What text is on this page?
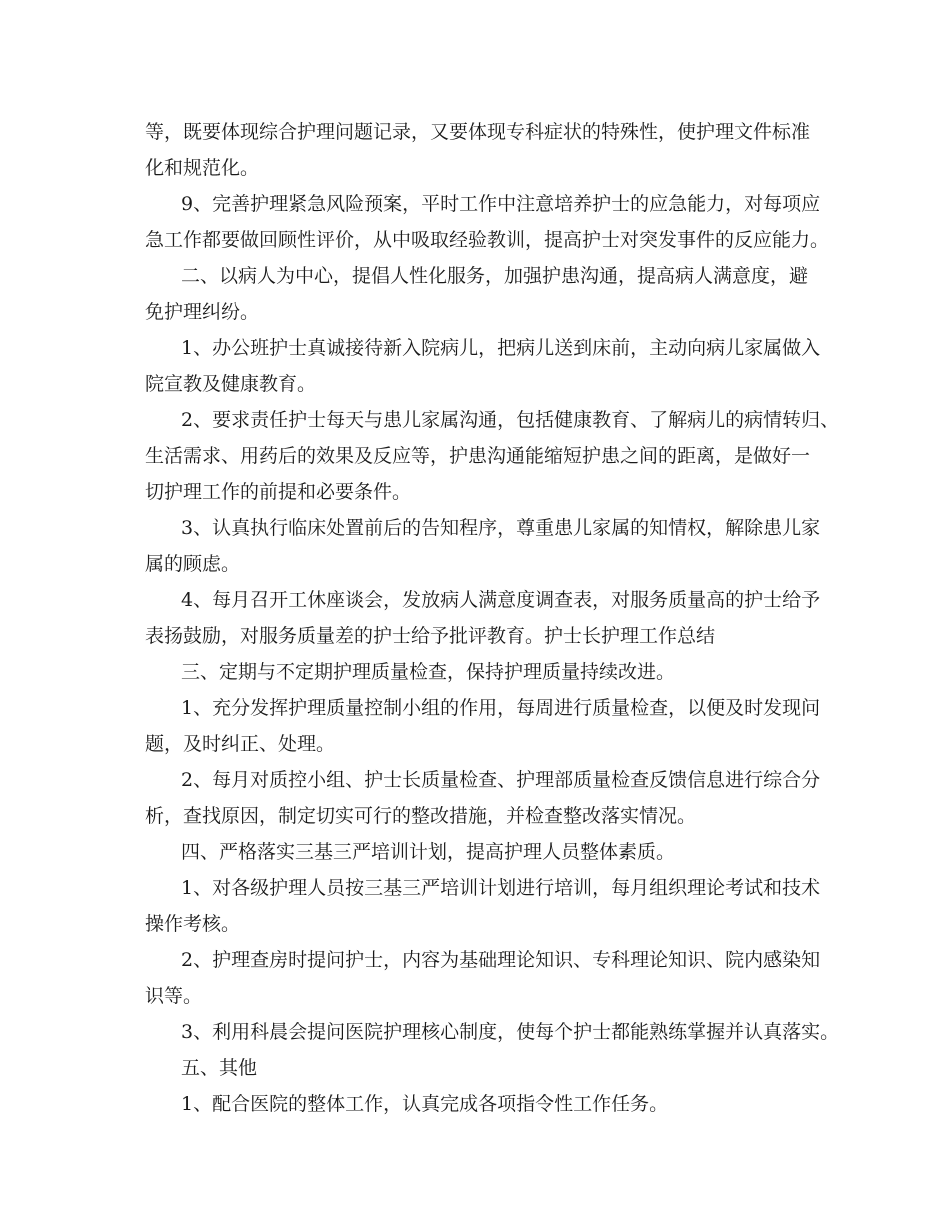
等，既要体现综合护理问题记录，又要体现专科症状的特殊性，使护理文件标准
化和规范化。
9、完善护理紧急风险预案，平时工作中注意培养护士的应急能力，对每项应
急工作都要做回顾性评价，从中吸取经验教训，提高护士对突发事件的反应能力。
二、以病人为中心，提倡人性化服务，加强护患沟通，提高病人满意度，避
免护理纠纷。
1、办公班护士真诚接待新入院病儿，把病儿送到床前，主动向病儿家属做入
院宣教及健康教育。
2、要求责任护士每天与患儿家属沟通，包括健康教育、了解病儿的病情转归、
生活需求、用药后的效果及反应等，护患沟通能缩短护患之间的距离，是做好一
切护理工作的前提和必要条件。
3、认真执行临床处置前后的告知程序，尊重患儿家属的知情权，解除患儿家
属的顾虑。
4、每月召开工休座谈会，发放病人满意度调查表，对服务质量高的护士给予
表扬鼓励，对服务质量差的护士给予批评教育。护士长护理工作总结
三、定期与不定期护理质量检查，保持护理质量持续改进。
1、充分发挥护理质量控制小组的作用，每周进行质量检查，以便及时发现问
题，及时纠正、处理。
2、每月对质控小组、护士长质量检查、护理部质量检查反馈信息进行综合分
析，查找原因，制定切实可行的整改措施，并检查整改落实情况。
四、严格落实三基三严培训计划，提高护理人员整体素质。
1、对各级护理人员按三基三严培训计划进行培训，每月组织理论考试和技术
操作考核。
2、护理查房时提问护士，内容为基础理论知识、专科理论知识、院内感染知
识等。
3、利用科晨会提问医院护理核心制度，使每个护士都能熟练掌握并认真落实。
五、其他
1、配合医院的整体工作，认真完成各项指令性工作任务。
